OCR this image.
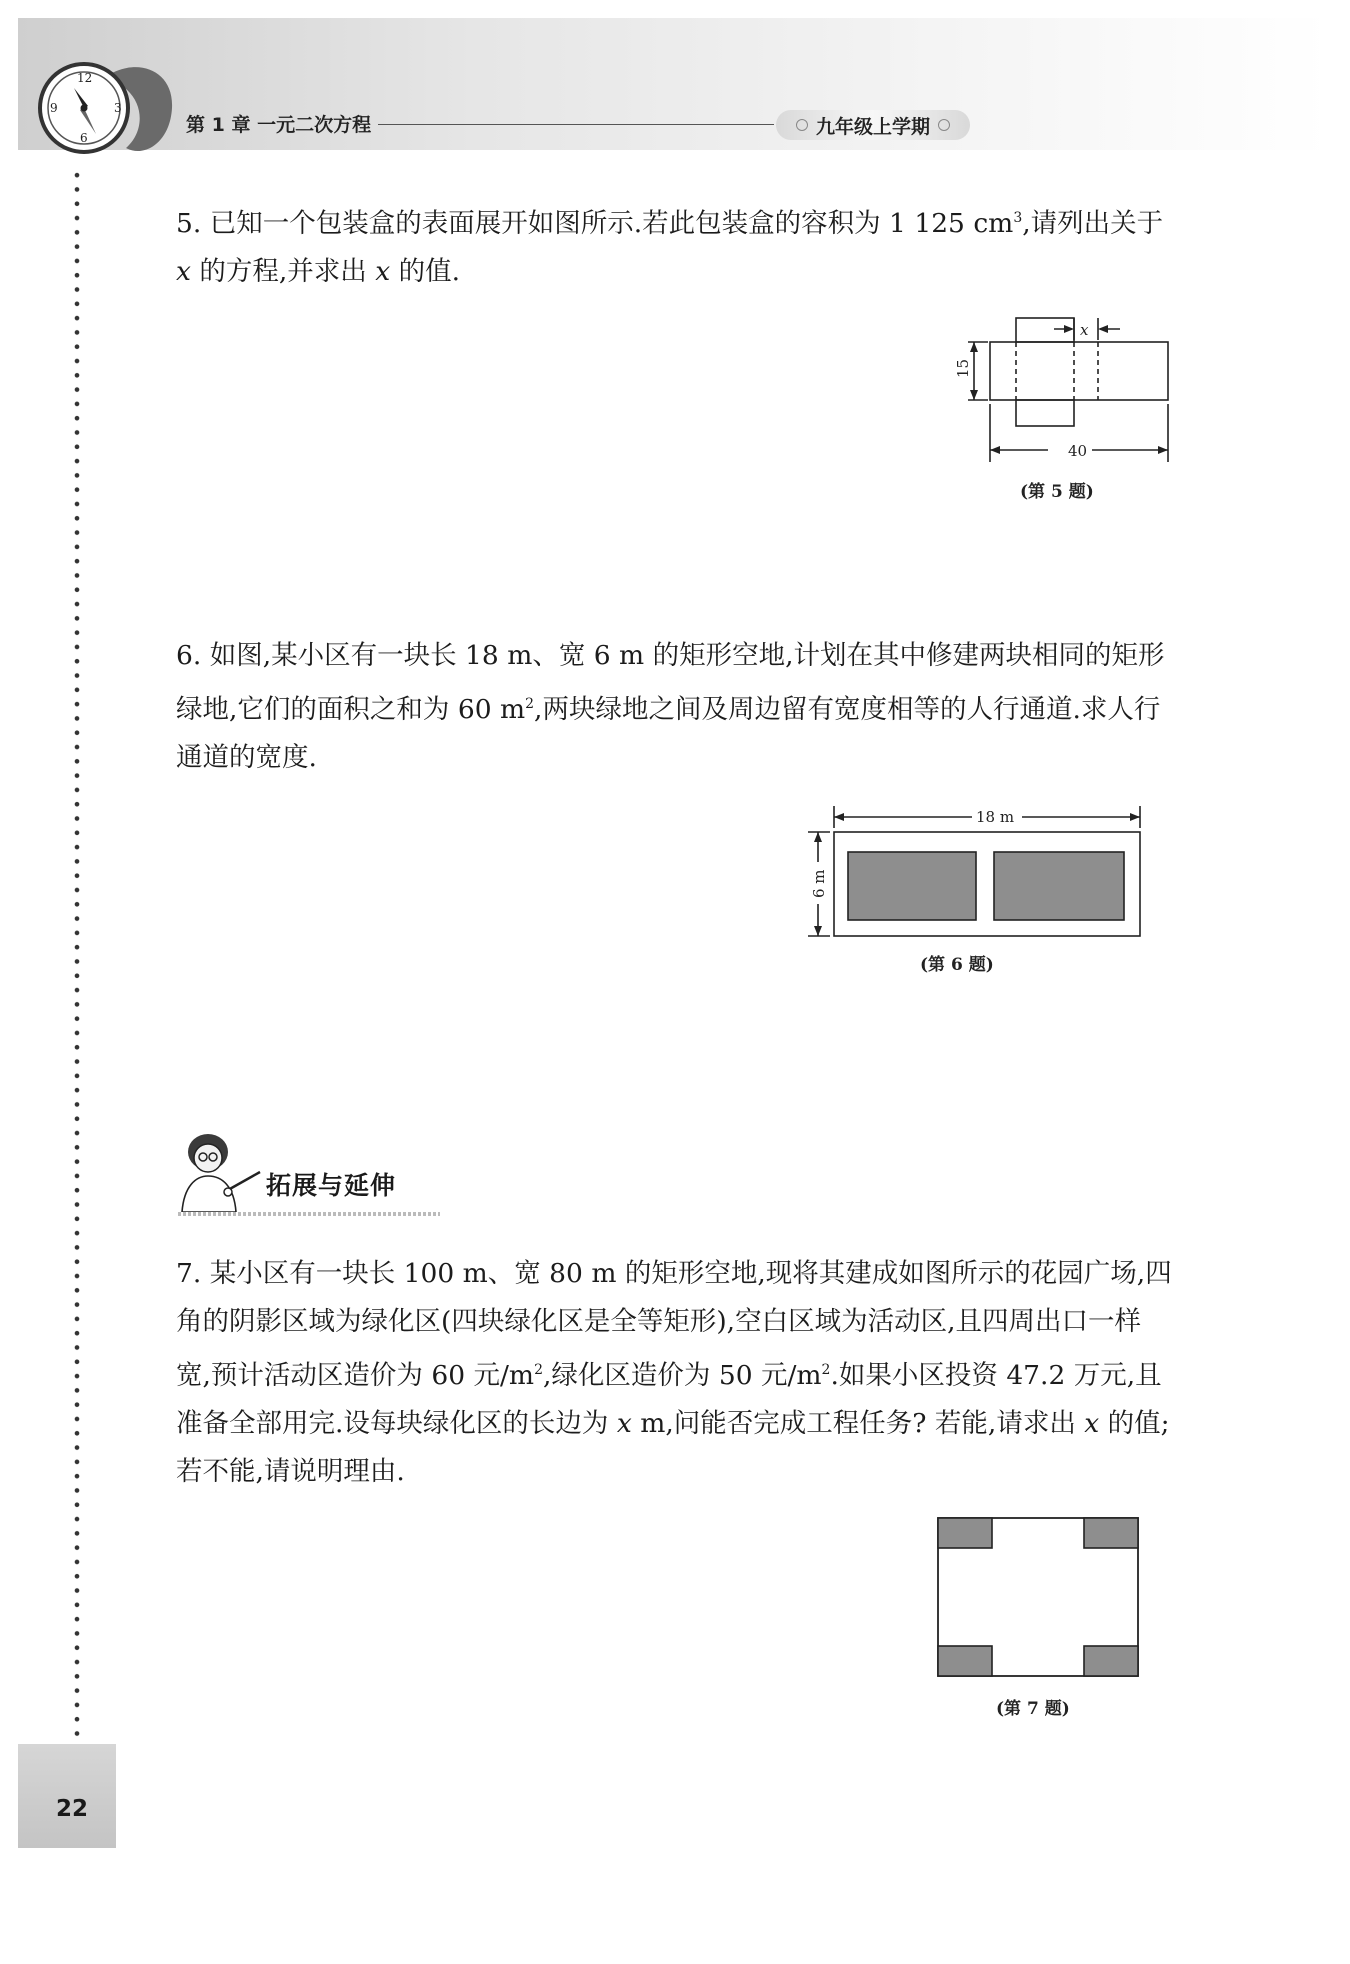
12
3
6
9
第 1 章 一元二次方程	九年级上学期

5. 已知一个包装盒的表面展开如图所示.若此包装盒的容积为 1 125 $cm^3$,请列出关于 x 的方程,并求出 x 的值.

x
15
40
(第 5 题)

6. 如图,某小区有一块长 18 m、宽 6 m 的矩形空地,计划在其中修建两块相同的矩形绿地,它们的面积之和为 60 $m^2$,两块绿地之间及周边留有宽度相等的人行通道.求人行通道的宽度.

18 m
6 m
(第 6 题)
拓展与延伸

7. 某小区有一块长 100 m、宽 80 m 的矩形空地,现将其建成如图所示的花园广场,四角的阴影区域为绿化区(四块绿化区是全等矩形),空白区域为活动区,且四周出口一样宽,预计活动区造价为 60 元$/m^2$,绿化区造价为 50 元$/m^2$.如果小区投资 47.2 万元,且准备全部用完.设每块绿化区的长边为 x m,问能否完成工程任务? 若能,请求出 x 的值;若不能,请说明理由.

(第 7 题)
22
